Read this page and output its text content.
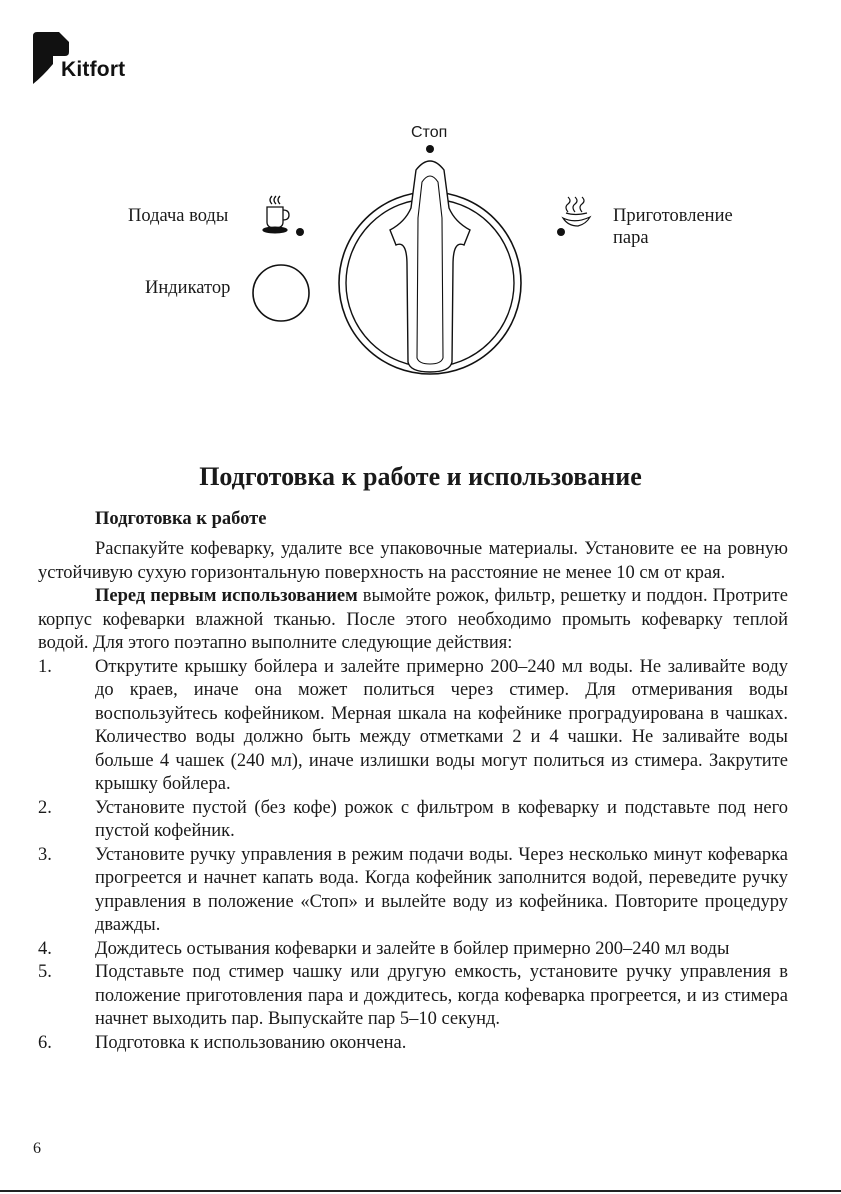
Kitfort
Стоп
Подача воды
Индикатор
Приготовление
пара
Подготовка к работе и использование

Подготовка к работе

Распакуйте кофеварку, удалите все упаковочные материалы. Установите ее на ровную устойчивую сухую горизонтальную поверхность на расстояние не менее 10 см от края.

Перед первым использованием вымойте рожок, фильтр, решетку и поддон. Протрите корпус кофеварки влажной тканью. После этого необходимо промыть кофеварку теплой водой. Для этого поэтапно выполните следующие действия:

1. Открутите крышку бойлера и залейте примерно 200–240 мл воды. Не заливайте воду до краев, иначе она может политься через стимер. Для отмеривания воды воспользуйтесь кофейником. Мерная шкала на кофейнике проградуирована в чашках. Количество воды должно быть между отметками 2 и 4 чашки. Не заливайте воды больше 4 чашек (240 мл), иначе излишки воды могут политься из стимера. Закрутите крышку бойлера.
2. Установите пустой (без кофе) рожок с фильтром в кофеварку и подставьте под него пустой кофейник.
3. Установите ручку управления в режим подачи воды. Через несколько минут кофеварка прогреется и начнет капать вода. Когда кофейник заполнится водой, переведите ручку управления в положение «Стоп» и вылейте воду из кофейника. Повторите процедуру дважды.
4. Дождитесь остывания кофеварки и залейте в бойлер примерно 200–240 мл воды
5. Подставьте под стимер чашку или другую емкость, установите ручку управления в положение приготовления пара и дождитесь, когда кофеварка прогреется, и из стимера начнет выходить пар. Выпускайте пар 5–10 секунд.
6. Подготовка к использованию окончена.
6
